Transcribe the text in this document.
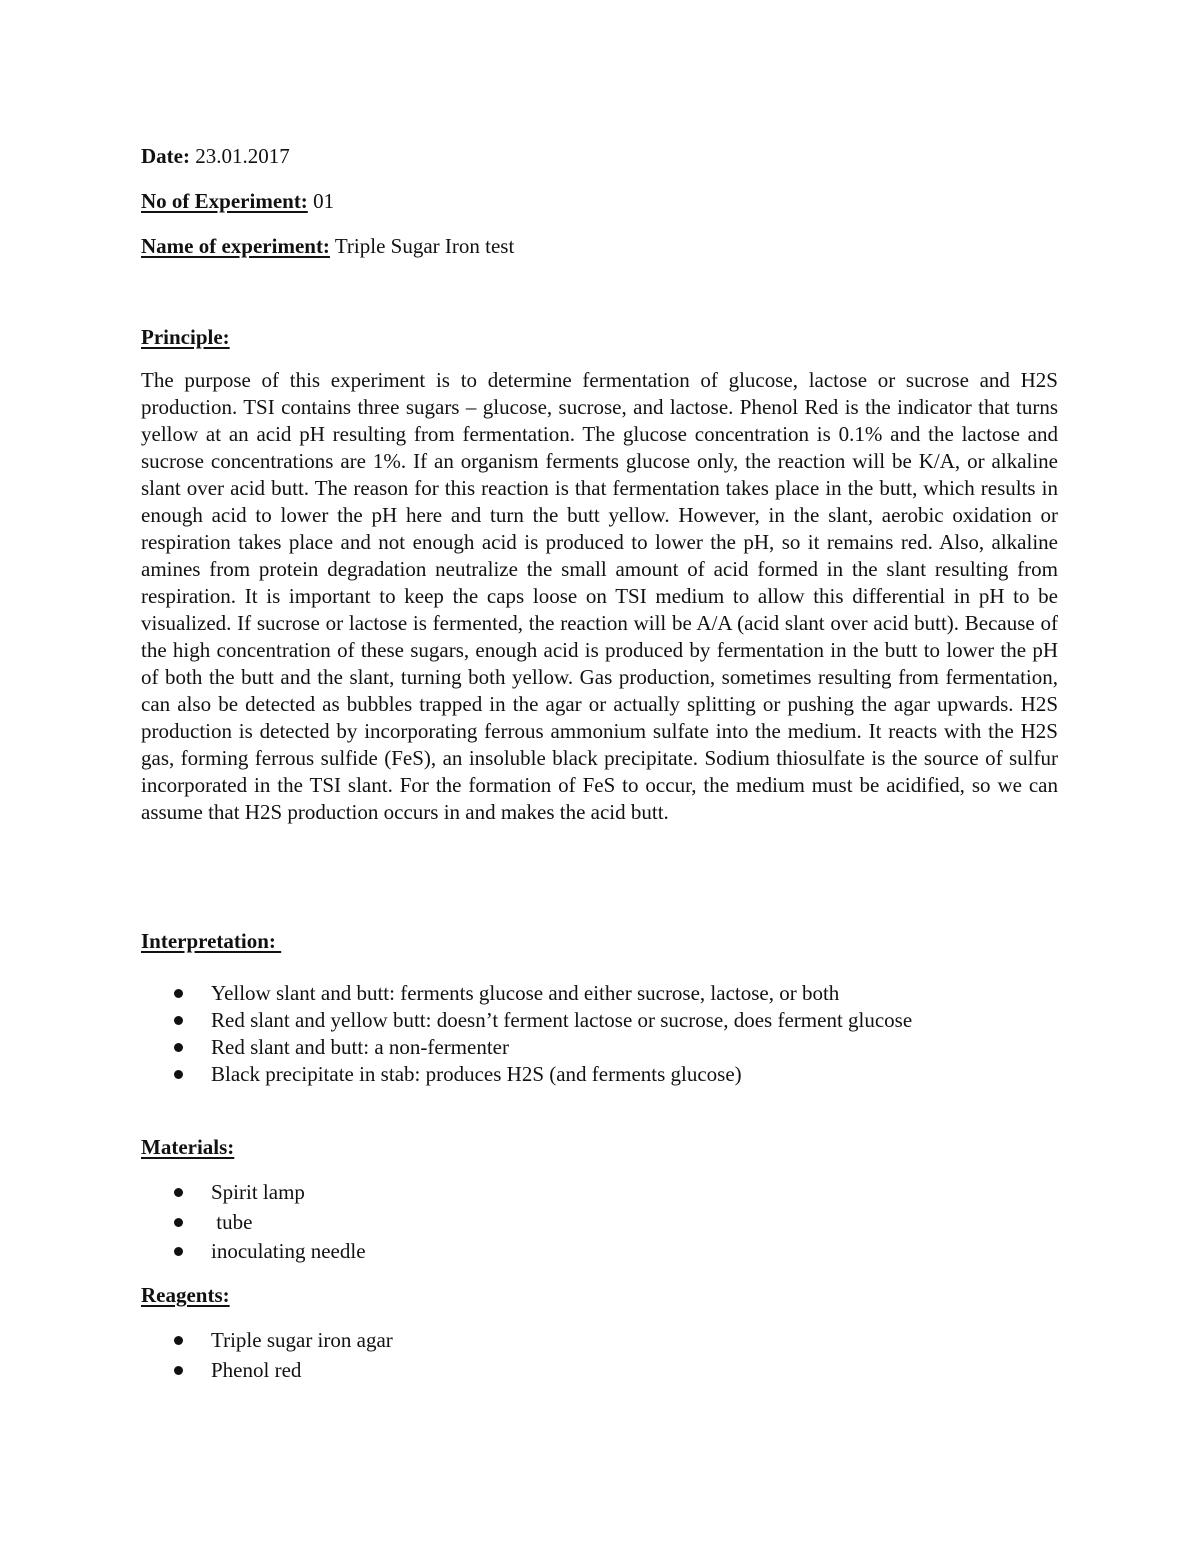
Date: 23.01.2017
No of Experiment: 01
Name of experiment: Triple Sugar Iron test
Principle:

The purpose of this experiment is to determine fermentation of glucose, lactose or sucrose and H2S production. TSI contains three sugars – glucose, sucrose, and lactose. Phenol Red is the indicator that turns yellow at an acid pH resulting from fermentation. The glucose concentration is 0.1% and the lactose and sucrose concentrations are 1%. If an organism ferments glucose only, the reaction will be K/A, or alkaline slant over acid butt. The reason for this reaction is that fermentation takes place in the butt, which results in enough acid to lower the pH here and turn the butt yellow. However, in the slant, aerobic oxidation or respiration takes place and not enough acid is produced to lower the pH, so it remains red. Also, alkaline amines from protein degradation neutralize the small amount of acid formed in the slant resulting from respiration. It is important to keep the caps loose on TSI medium to allow this differential in pH to be visualized. If sucrose or lactose is fermented, the reaction will be A/A (acid slant over acid butt). Because of the high concentration of these sugars, enough acid is produced by fermentation in the butt to lower the pH of both the butt and the slant, turning both yellow. Gas production, sometimes resulting from fermentation, can also be detected as bubbles trapped in the agar or actually splitting or pushing the agar upwards. H2S production is detected by incorporating ferrous ammonium sulfate into the medium. It reacts with the H2S gas, forming ferrous sulfide (FeS), an insoluble black precipitate. Sodium thiosulfate is the source of sulfur incorporated in the TSI slant. For the formation of FeS to occur, the medium must be acidified, so we can assume that H2S production occurs in and makes the acid butt.

Interpretation:
Yellow slant and butt: ferments glucose and either sucrose, lactose, or both
Red slant and yellow butt: doesn’t ferment lactose or sucrose, does ferment glucose
Red slant and butt: a non-fermenter
Black precipitate in stab: produces H2S (and ferments glucose)
Materials:
Spirit lamp
tube
inoculating needle
Reagents:
Triple sugar iron agar
Phenol red
